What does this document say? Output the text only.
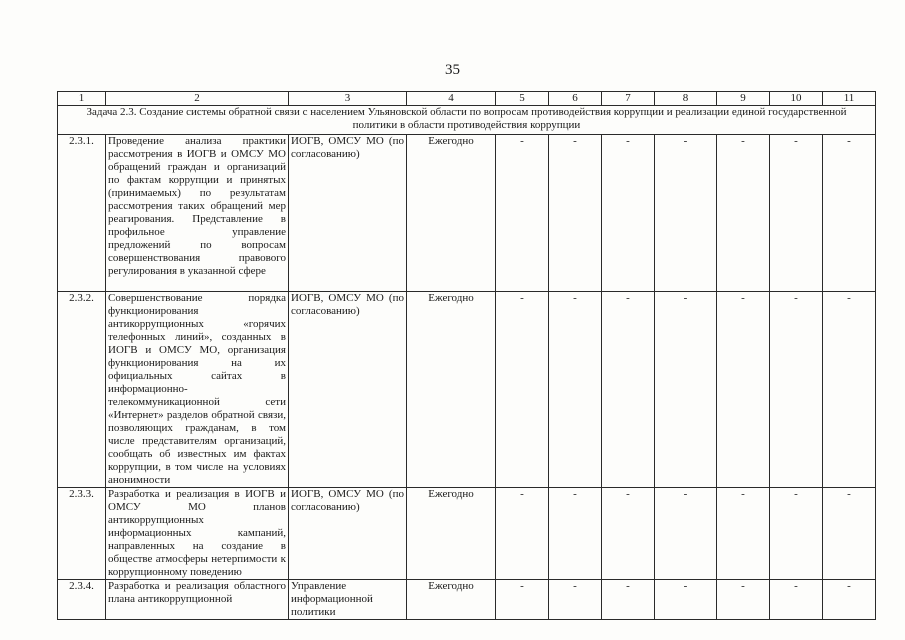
35
1	2	3	4	5	6	7	8	9	10	11
Задача 2.3. Создание системы обратной связи с населением Ульяновской области по вопросам противодействия коррупции и реализации единой государственной политики в области противодействия коррупции										
2.3.1.	Проведение анализа практики рассмотрения в ИОГВ и ОМСУ МО обращений граждан и организаций по фактам коррупции и принятых (принимаемых) по результатам рассмотрения таких обращений мер реагирования. Представление в профильное управление предложений по вопросам совершенствования правового регулирования в указанной сфере	ИОГВ, ОМСУ МО (по согласованию)	Ежегодно	-	-	-	-	-	-	-
2.3.2.	Совершенствование порядка функционирования антикоррупционных «горячих телефонных линий», созданных в ИОГВ и ОМСУ МО, организация функционирования на их официальных сайтах в информационно-телекоммуникационной сети «Интернет» разделов обратной связи, позволяющих гражданам, в том числе представителям организаций, сообщать об известных им фактах коррупции, в том числе на условиях анонимности	ИОГВ, ОМСУ МО (по согласованию)	Ежегодно	-	-	-	-	-	-	-
2.3.3.	Разработка и реализация в ИОГВ и ОМСУ МО планов антикоррупционных информационных кампаний, направленных на создание в обществе атмосферы нетерпимости к коррупционному поведению	ИОГВ, ОМСУ МО (по согласованию)	Ежегодно	-	-	-	-	-	-	-
2.3.4.	Разработка и реализация областного плана антикоррупционной	Управление информационной политики	Ежегодно	-	-	-	-	-	-	-
